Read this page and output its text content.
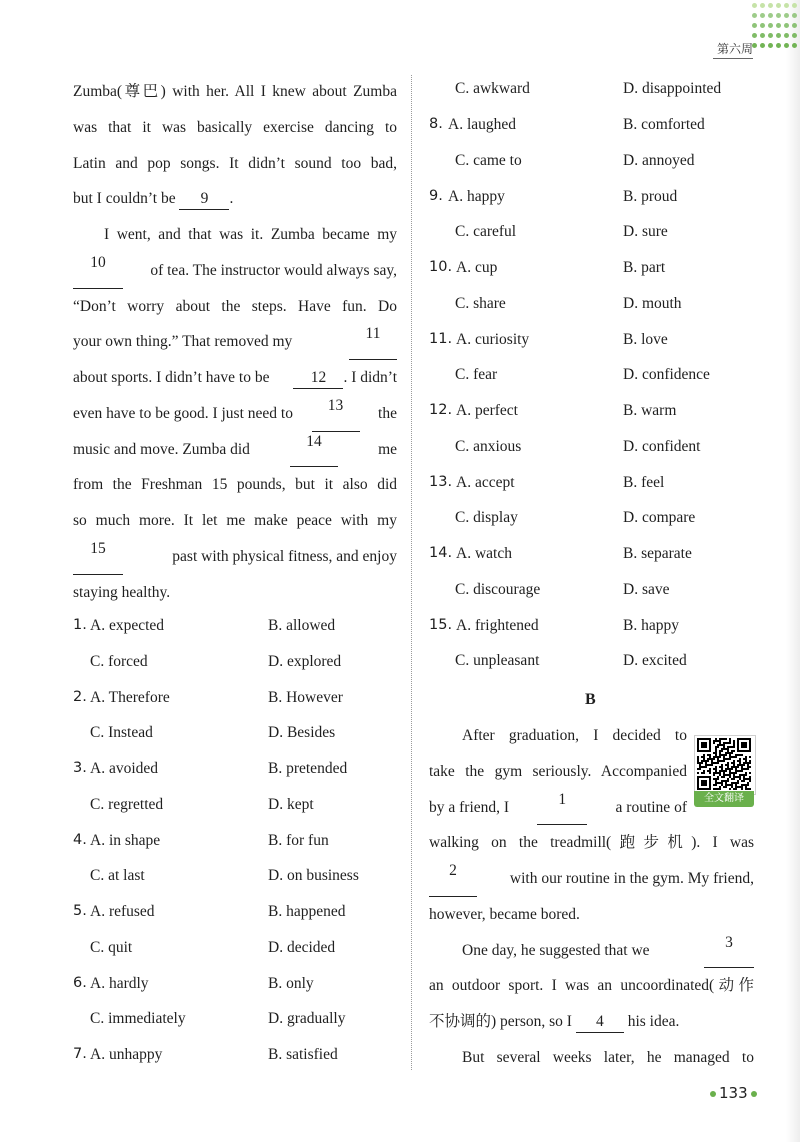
第六周
Zumba(尊巴) with her. All I knew about Zumba
was that it was basically exercise dancing to
Latin and pop songs. It didn’t sound too bad,
but I couldn’t be 9 .
I went, and that was it. Zumba became my
10	of tea. The instructor would always say,
“Don’t worry about the steps. Have fun. Do
your own thing.” That removed my	11
about sports. I didn’t have to be	12 . I didn’t
even have to be good. I just need to	13	the
music and move. Zumba did	14	me
from the Freshman 15 pounds, but it also did
so much more. It let me make peace with my
15	past with physical fitness, and enjoy
staying healthy.
1. A. expected	B. allowed
C. forced	D. explored
2. A. Therefore	B. However
C. Instead	D. Besides
3. A. avoided	B. pretended
C. regretted	D. kept
4. A. in shape	B. for fun
C. at last	D. on business
5. A. refused	B. happened
C. quit	D. decided
6. A. hardly	B. only
C. immediately	D. gradually
7. A. unhappy	B. satisfied
C. awkward	D. disappointed
8. A. laughed	B. comforted
C. came to	D. annoyed
9. A. happy	B. proud
C. careful	D. sure
10. A. cup	B. part
C. share	D. mouth
11. A. curiosity	B. love
C. fear	D. confidence
12. A. perfect	B. warm
C. anxious	D. confident
13. A. accept	B. feel
C. display	D. compare
14. A. watch	B. separate
C. discourage	D. save
15. A. frightened	B. happy
C. unpleasant	D. excited
B
全文翻译
After graduation, I decided to
take the gym seriously. Accompanied
by a friend, I	1	a routine of
walking on the treadmill(跑步机). I was
2	with our routine in the gym. My friend,
however, became bored.
One day, he suggested that we	3
an outdoor sport. I was an uncoordinated(动作
不协调的) person, so I 4 his idea.
But several weeks later, he managed to
133
